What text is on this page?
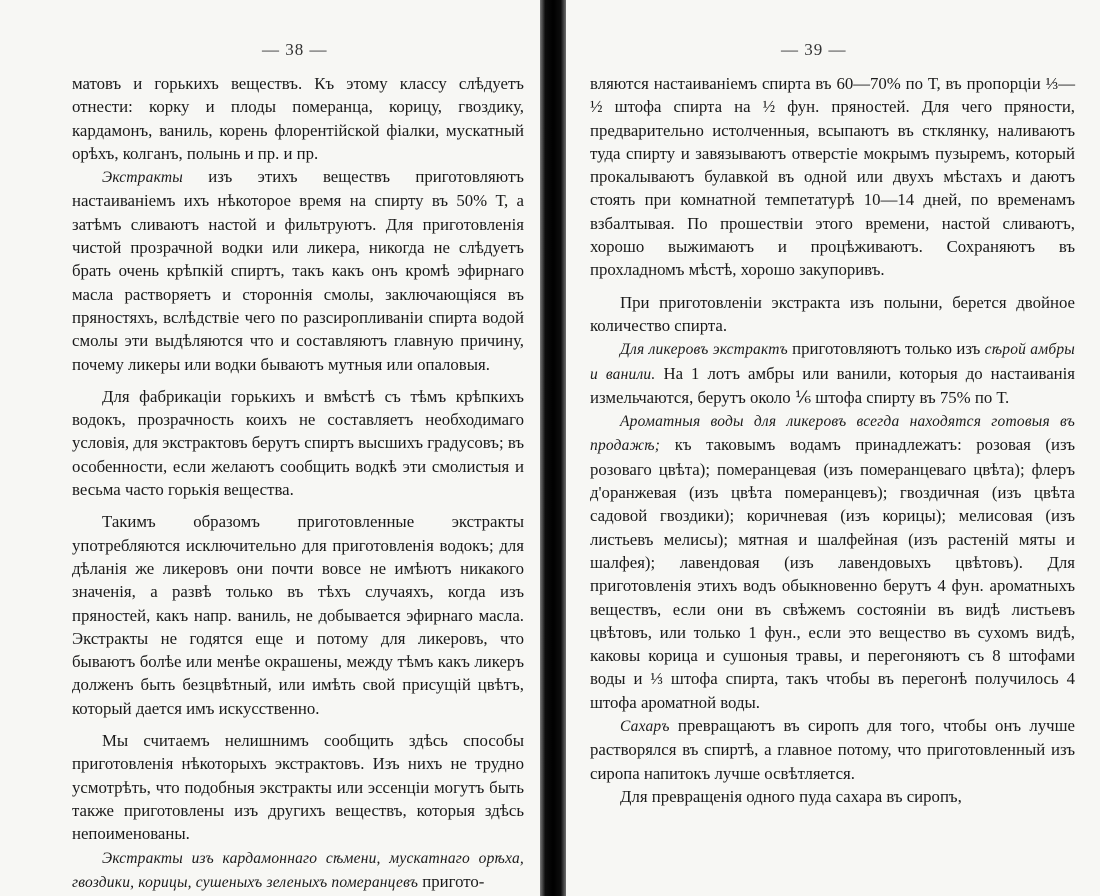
— 38 —

матовъ и горькихъ веществъ. Къ этому классу слѣдуетъ отнести: корку и плоды померанца, корицу, гвоздику, кардамонъ, ваниль, корень флорентійской фіалки, мускатный орѣхъ, колганъ, полынь и пр. и пр.

Экстракты изъ этихъ веществъ приготовляютъ настаиваніемъ ихъ нѣкоторое время на спирту въ 50% Т, а затѣмъ сливаютъ настой и фильтруютъ. Для приготовленія чистой прозрачной водки или ликера, никогда не слѣдуетъ брать очень крѣпкій спиртъ, такъ какъ онъ кромѣ эфирнаго масла растворяетъ и стороннія смолы, заключающіяся въ пряностяхъ, вслѣдствіе чего по разсиропливаніи спирта водой смолы эти выдѣляются что и составляютъ главную причину, почему ликеры или водки бываютъ мутныя или опаловыя.

Для фабрикаціи горькихъ и вмѣстѣ съ тѣмъ крѣпкихъ водокъ, прозрачность коихъ не составляетъ необходимаго условія, для экстрактовъ берутъ спиртъ высшихъ градусовъ; въ особенности, если желаютъ сообщить водкѣ эти смолистыя и весьма часто горькія вещества.

Такимъ образомъ приготовленные экстракты употребляются исключительно для приготовленія водокъ; для дѣланія же ликеровъ они почти вовсе не имѣютъ никакого значенія, а развѣ только въ тѣхъ случаяхъ, когда изъ пряностей, какъ напр. ваниль, не добывается эфирнаго масла. Экстракты не годятся еще и потому для ликеровъ, что бываютъ болѣе или менѣе окрашены, между тѣмъ какъ ликеръ долженъ быть безцвѣтный, или имѣть свой присущій цвѣтъ, который дается имъ искусственно.

Мы считаемъ нелишнимъ сообщить здѣсь способы приготовленія нѣкоторыхъ экстрактовъ. Изъ нихъ не трудно усмотрѣть, что подобныя экстракты или эссенціи могутъ быть также приготовлены изъ другихъ веществъ, которыя здѣсь непоименованы.

Экстракты изъ кардамоннаго сѣмени, мускатнаго орѣха, гвоздики, корицы, сушеныхъ зеленыхъ померанцевъ пригото-

— 39 —

вляются настаиваніемъ спирта въ 60—70% по Т, въ пропорціи ⅓—½ штофа спирта на ½ фун. пряностей. Для чего пряности, предварительно истолченныя, всыпаютъ въ стклянку, наливаютъ туда спирту и завязываютъ отверстіе мокрымъ пузыремъ, который прокалываютъ булавкой въ одной или двухъ мѣстахъ и даютъ стоять при комнатной темпетатурѣ 10—14 дней, по временамъ взбалтывая. По прошествіи этого времени, настой сливаютъ, хорошо выжимаютъ и процѣживаютъ. Сохраняютъ въ прохладномъ мѣстѣ, хорошо закупоривъ.

При приготовленіи экстракта изъ полыни, берется двойное количество спирта.

Для ликеровъ экстрактъ приготовляютъ только изъ сѣрой амбры и ванили. На 1 лотъ амбры или ванили, которыя до настаиванія измельчаются, берутъ около ⅙ штофа спирту въ 75% по Т.

Ароматныя воды для ликеровъ всегда находятся готовыя въ продажѣ; къ таковымъ водамъ принадлежатъ: розовая (изъ розоваго цвѣта); померанцевая (изъ померанцеваго цвѣта); флеръ д'оранжевая (изъ цвѣта померанцевъ); гвоздичная (изъ цвѣта садовой гвоздики); коричневая (изъ корицы); мелисовая (изъ листьевъ мелисы); мятная и шалфейная (изъ растеній мяты и шалфея); лавендовая (изъ лавендовыхъ цвѣтовъ). Для приготовленія этихъ водъ обыкновенно берутъ 4 фун. ароматныхъ веществъ, если они въ свѣжемъ состояніи въ видѣ листьевъ цвѣтовъ, или только 1 фун., если это вещество въ сухомъ видѣ, каковы корица и сушоныя травы, и перегоняютъ съ 8 штофами воды и ⅓ штофа спирта, такъ чтобы въ перегонѣ получилось 4 штофа ароматной воды.

Сахаръ превращаютъ въ сиропъ для того, чтобы онъ лучше растворялся въ спиртѣ, а главное потому, что приготовленный изъ сиропа напитокъ лучше освѣтляется.

Для превращенія одного пуда сахара въ сиропъ,
